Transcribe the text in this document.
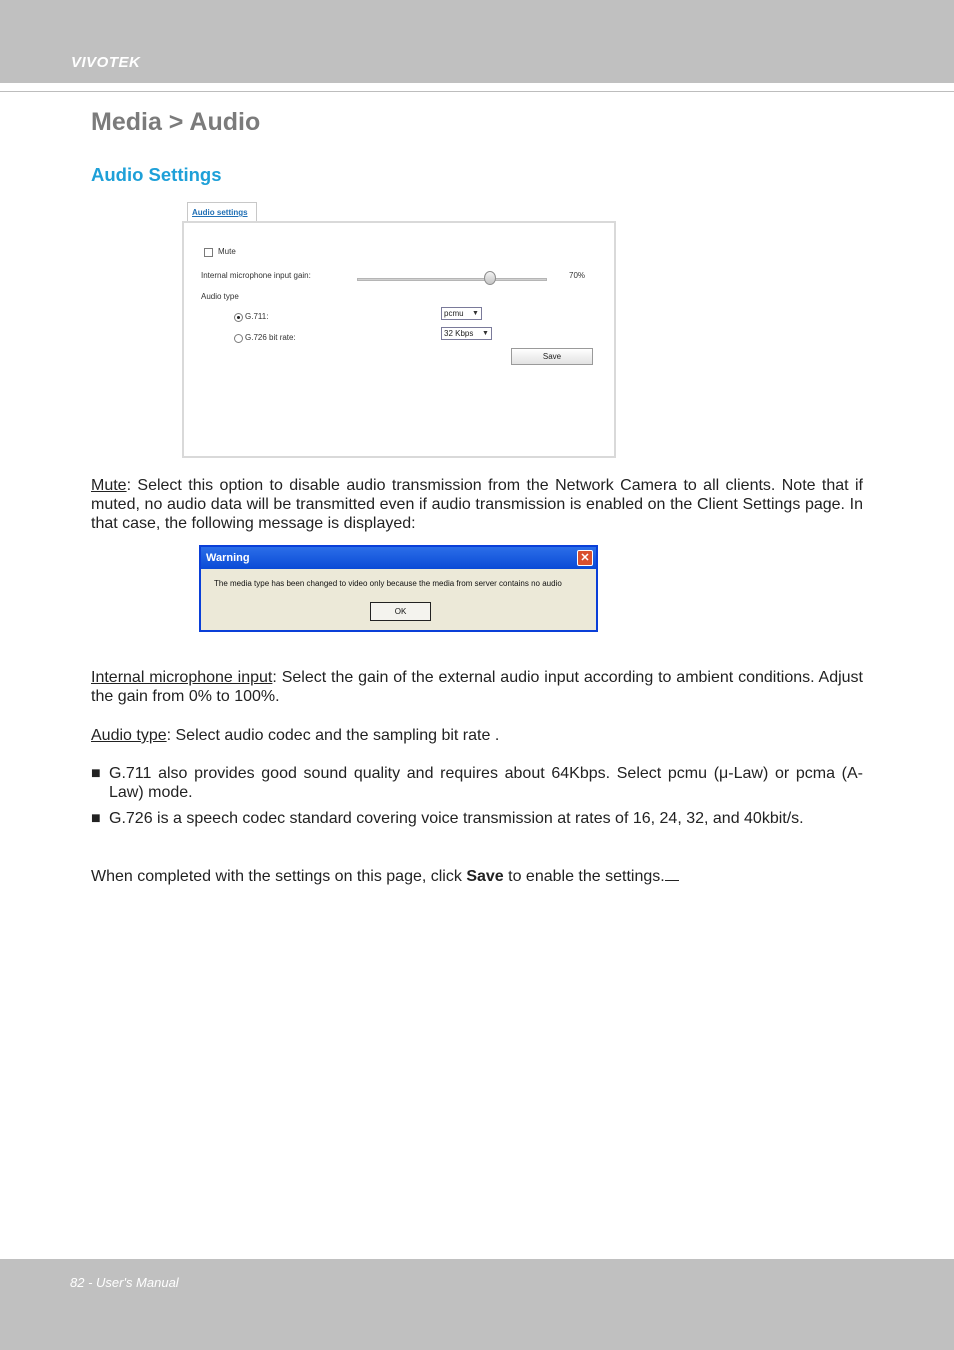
VIVOTEK
Media > Audio
Audio Settings
Audio settings
Mute
Internal microphone input gain:	70%
Audio type
G.711:	pcmu ▼
G.726 bit rate:	32 Kbps ▼
Save
Mute: Select this option to disable audio transmission from the Network Camera to all clients. Note that if muted, no audio data will be transmitted even if audio transmission is enabled on the Client Settings page. In that case, the following message is displayed:
Warning	✕
The media type has been changed to video only because the media from server contains no audio
OK
Internal microphone input: Select the gain of the external audio input according to ambient conditions. Adjust the gain from 0% to 100%.
Audio type: Select audio codec and the sampling bit rate .
■ G.711 also provides good sound quality and requires about 64Kbps. Select pcmu (μ-Law) or pcma (A-Law) mode.
■ G.726 is a speech codec standard covering voice transmission at rates of 16, 24, 32, and 40kbit/s.
When completed with the settings on this page, click Save to enable the settings.
82 - User's Manual
